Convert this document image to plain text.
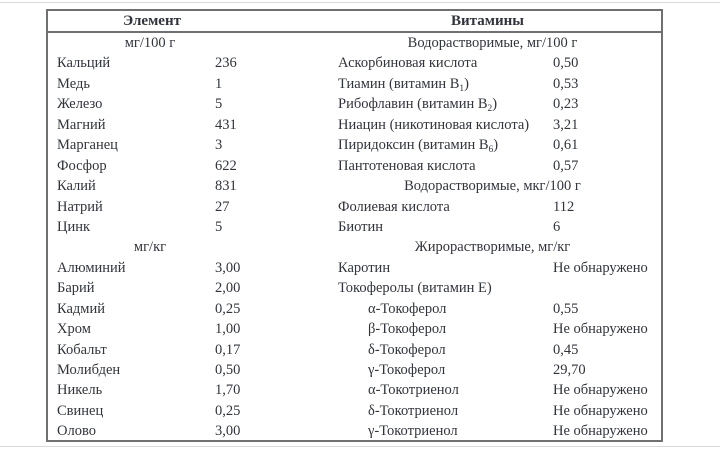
Элемент	Витамины
мг/100 г	Водорастворимые, мг/100 г
Кальций	236	Аскорбиновая кислота	0,50
Медь	1	Тиамин (витамин $В_1$)	0,53
Железо	5	Рибофлавин (витамин $В_2$)	0,23
Магний	431	Ниацин (никотиновая кислота)	3,21
Марганец	3	Пиридоксин (витамин $В_6$)	0,61
Фосфор	622	Пантотеновая кислота	0,57
Калий	831	Водорастворимые, мкг/100 г
Натрий	27	Фолиевая кислота	112
Цинк	5	Биотин	6
мг/кг	Жирорастворимые, мг/кг
Алюминий	3,00	Каротин	Не обнаружено
Барий	2,00	Токоферолы (витамин Е)
Кадмий	0,25	α-Токоферол	0,55
Хром	1,00	β-Токоферол	Не обнаружено
Кобальт	0,17	δ-Токоферол	0,45
Молибден	0,50	γ-Токоферол	29,70
Никель	1,70	α-Токотриенол	Не обнаружено
Свинец	0,25	δ-Токотриенол	Не обнаружено
Олово	3,00	γ-Токотриенол	Не обнаружено
